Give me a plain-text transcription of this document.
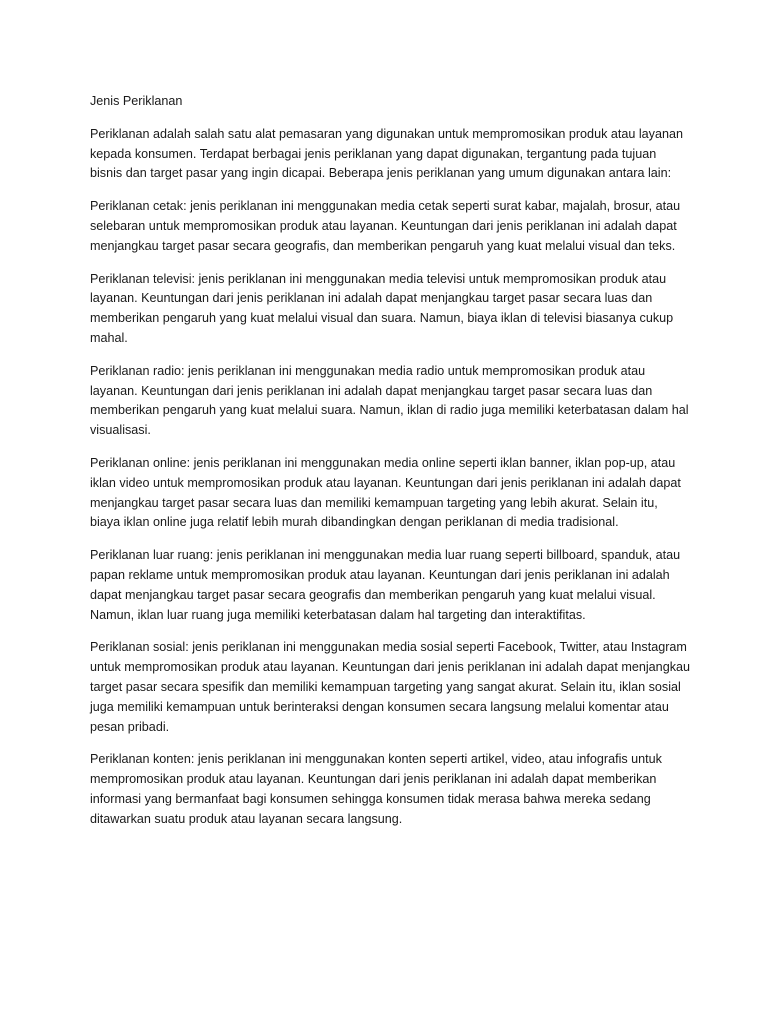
Jenis Periklanan

Periklanan adalah salah satu alat pemasaran yang digunakan untuk mempromosikan produk atau layanan kepada konsumen. Terdapat berbagai jenis periklanan yang dapat digunakan, tergantung pada tujuan bisnis dan target pasar yang ingin dicapai. Beberapa jenis periklanan yang umum digunakan antara lain:

Periklanan cetak: jenis periklanan ini menggunakan media cetak seperti surat kabar, majalah, brosur, atau selebaran untuk mempromosikan produk atau layanan. Keuntungan dari jenis periklanan ini adalah dapat menjangkau target pasar secara geografis, dan memberikan pengaruh yang kuat melalui visual dan teks.

Periklanan televisi: jenis periklanan ini menggunakan media televisi untuk mempromosikan produk atau layanan. Keuntungan dari jenis periklanan ini adalah dapat menjangkau target pasar secara luas dan memberikan pengaruh yang kuat melalui visual dan suara. Namun, biaya iklan di televisi biasanya cukup mahal.

Periklanan radio: jenis periklanan ini menggunakan media radio untuk mempromosikan produk atau layanan. Keuntungan dari jenis periklanan ini adalah dapat menjangkau target pasar secara luas dan memberikan pengaruh yang kuat melalui suara. Namun, iklan di radio juga memiliki keterbatasan dalam hal visualisasi.

Periklanan online: jenis periklanan ini menggunakan media online seperti iklan banner, iklan pop-up, atau iklan video untuk mempromosikan produk atau layanan. Keuntungan dari jenis periklanan ini adalah dapat menjangkau target pasar secara luas dan memiliki kemampuan targeting yang lebih akurat. Selain itu, biaya iklan online juga relatif lebih murah dibandingkan dengan periklanan di media tradisional.

Periklanan luar ruang: jenis periklanan ini menggunakan media luar ruang seperti billboard, spanduk, atau papan reklame untuk mempromosikan produk atau layanan. Keuntungan dari jenis periklanan ini adalah dapat menjangkau target pasar secara geografis dan memberikan pengaruh yang kuat melalui visual. Namun, iklan luar ruang juga memiliki keterbatasan dalam hal targeting dan interaktifitas.

Periklanan sosial: jenis periklanan ini menggunakan media sosial seperti Facebook, Twitter, atau Instagram untuk mempromosikan produk atau layanan. Keuntungan dari jenis periklanan ini adalah dapat menjangkau target pasar secara spesifik dan memiliki kemampuan targeting yang sangat akurat. Selain itu, iklan sosial juga memiliki kemampuan untuk berinteraksi dengan konsumen secara langsung melalui komentar atau pesan pribadi.

Periklanan konten: jenis periklanan ini menggunakan konten seperti artikel, video, atau infografis untuk mempromosikan produk atau layanan. Keuntungan dari jenis periklanan ini adalah dapat memberikan informasi yang bermanfaat bagi konsumen sehingga konsumen tidak merasa bahwa mereka sedang ditawarkan suatu produk atau layanan secara langsung.
